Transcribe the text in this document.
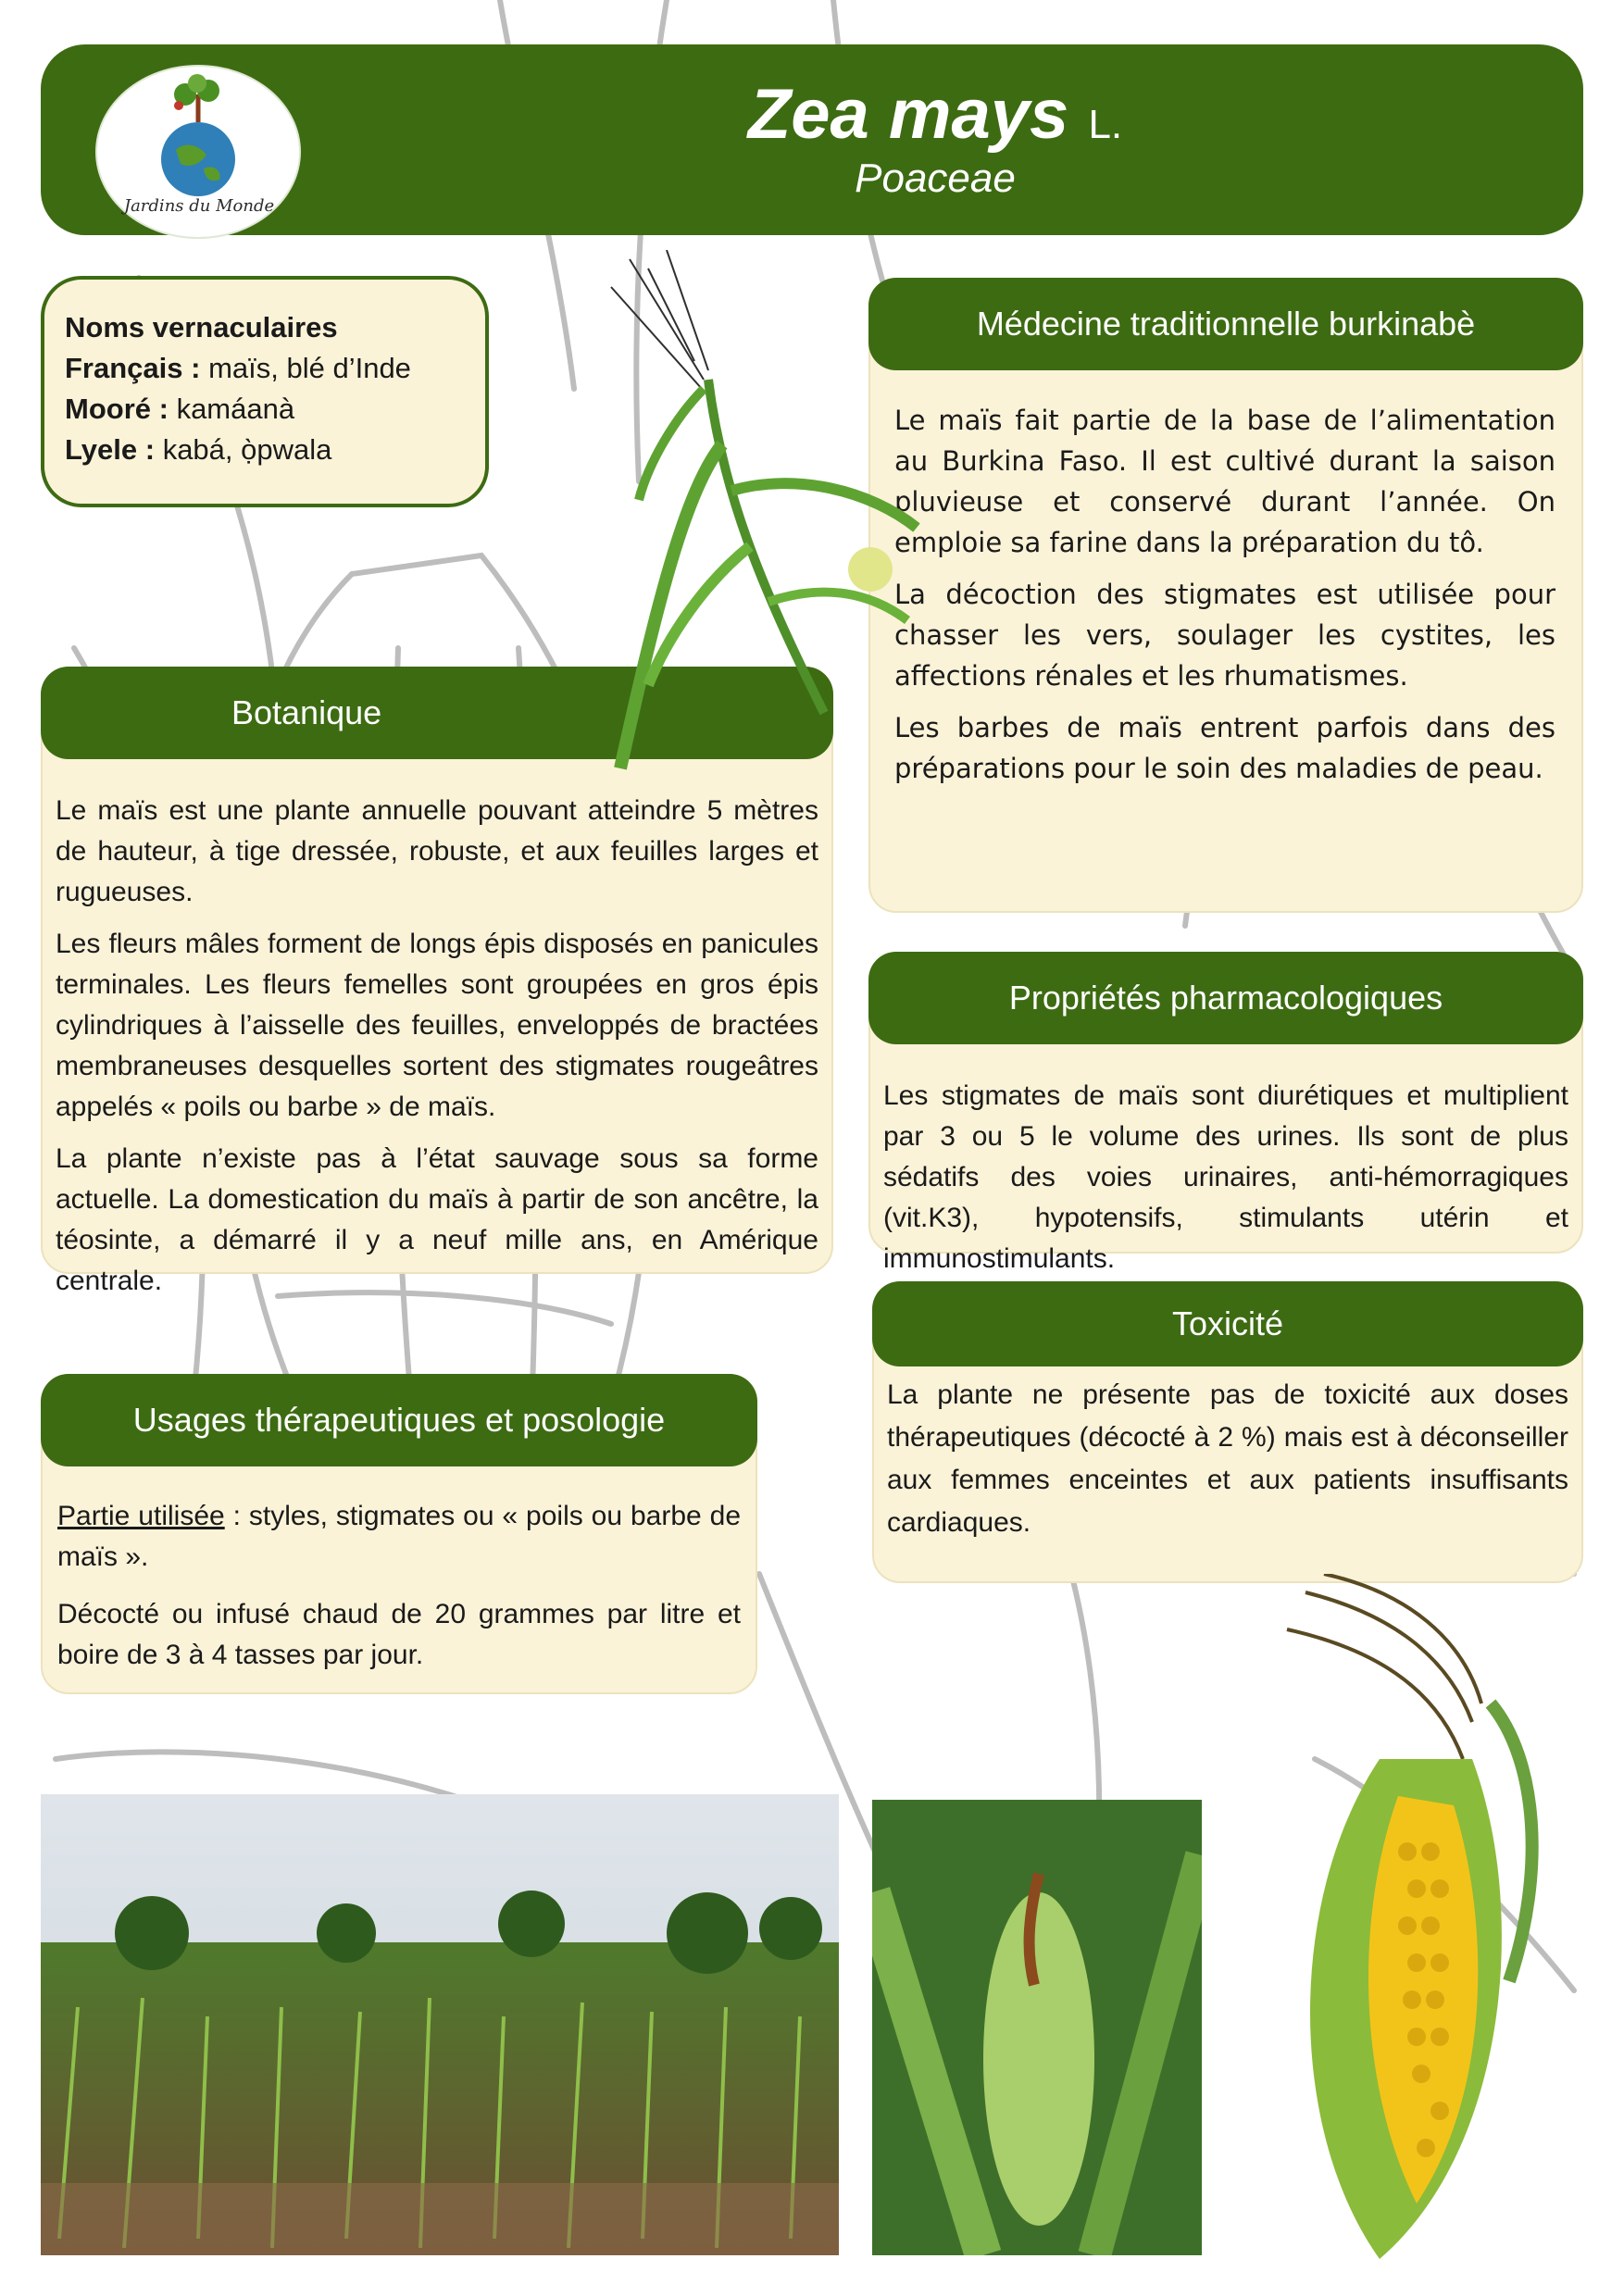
Jardins du Monde
Zea mays L.
Poaceae
Noms vernaculaires
Français : maïs, blé d’Inde
Mooré : kamáanà
Lyele : kabá, ọ̀pwala

Le maïs fait partie de la base de l’alimentation au Burkina Faso. Il est cultivé durant la saison pluvieuse et conservé durant l’année. On emploie sa farine dans la préparation du tô.

La décoction des stigmates est utilisée pour chasser les vers, soulager les cystites, les affections rénales et les rhumatismes.

Les barbes de maïs entrent parfois dans des préparations pour le soin des maladies de peau.

Médecine traditionnelle burkinabè

Le maïs est une plante annuelle pouvant atteindre 5 mètres de hauteur, à tige dressée, robuste, et aux feuilles larges et rugueuses.

Les fleurs mâles forment de longs épis disposés en panicules terminales. Les fleurs femelles sont groupées en gros épis cylindriques à l’aisselle des feuilles, enveloppés de bractées membraneuses desquelles sortent des stigmates rougeâtres appelés « poils ou barbe » de maïs.

La plante n’existe pas à l’état sauvage sous sa forme actuelle. La domestication du maïs à partir de son ancêtre, la téosinte, a démarré il y a neuf mille ans, en Amérique centrale.

Botanique

Les stigmates de maïs sont diurétiques et multiplient par 3 ou 5 le volume des urines. Ils sont de plus sédatifs des voies urinaires, anti-hémorragiques (vit.K3), hypotensifs, stimulants utérin et immunostimulants.

Propriétés pharmacologiques

La plante ne présente pas de toxicité aux doses thérapeutiques (décocté à 2 %) mais est à déconseiller aux femmes enceintes et aux patients insuffisants cardiaques.

Toxicité

Partie utilisée : styles, stigmates ou « poils ou barbe de maïs ».

Décocté ou infusé chaud de 20 grammes par litre et boire de 3 à 4 tasses par jour.

Usages thérapeutiques et posologie
